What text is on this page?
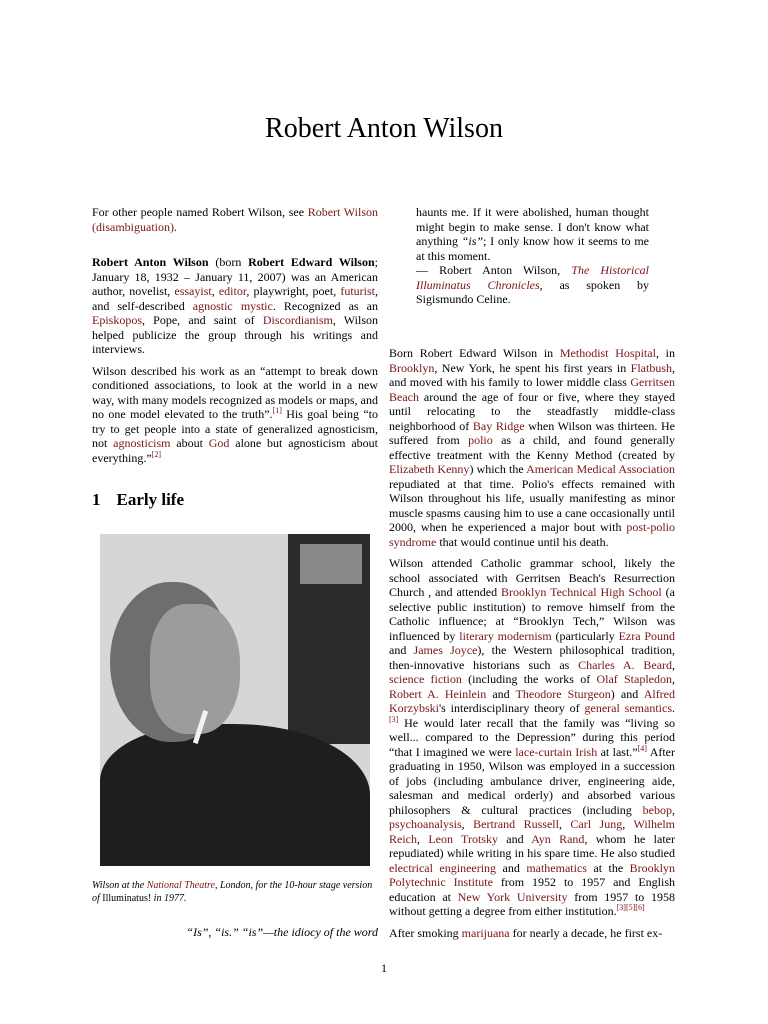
Robert Anton Wilson

For other people named Robert Wilson, see Robert Wilson (disambiguation).

Robert Anton Wilson (born Robert Edward Wilson; January 18, 1932 – January 11, 2007) was an American author, novelist, essayist, editor, playwright, poet, futurist, and self-described agnostic mystic. Recognized as an Episkopos, Pope, and saint of Discordianism, Wilson helped publicize the group through his writings and interviews.

Wilson described his work as an “attempt to break down conditioned associations, to look at the world in a new way, with many models recognized as models or maps, and no one model elevated to the truth”.[1] His goal being “to try to get people into a state of generalized agnosticism, not agnosticism about God alone but agnosticism about everything.”[2]

1 Early life
Wilson at the National Theatre, London, for the 10-hour stage version of Illuminatus! in 1977.
“Is”, “is.” “is”—the idiocy of the word
haunts me. If it were abolished, human thought might begin to make sense. I don't know what anything “is”; I only know how it seems to me at this moment.
— Robert Anton Wilson, The Historical Illuminatus Chronicles, as spoken by Sigismundo Celine.

Born Robert Edward Wilson in Methodist Hospital, in Brooklyn, New York, he spent his first years in Flatbush, and moved with his family to lower middle class Gerritsen Beach around the age of four or five, where they stayed until relocating to the steadfastly middle-class neighborhood of Bay Ridge when Wilson was thirteen. He suffered from polio as a child, and found generally effective treatment with the Kenny Method (created by Elizabeth Kenny) which the American Medical Association repudiated at that time. Polio's effects remained with Wilson throughout his life, usually manifesting as minor muscle spasms causing him to use a cane occasionally until 2000, when he experienced a major bout with post-polio syndrome that would continue until his death.

Wilson attended Catholic grammar school, likely the school associated with Gerritsen Beach's Resurrection Church , and attended Brooklyn Technical High School (a selective public institution) to remove himself from the Catholic influence; at “Brooklyn Tech,” Wilson was influenced by literary modernism (particularly Ezra Pound and James Joyce), the Western philosophical tradition, then-innovative historians such as Charles A. Beard, science fiction (including the works of Olaf Stapledon, Robert A. Heinlein and Theodore Sturgeon) and Alfred Korzybski's interdisciplinary theory of general semantics.[3] He would later recall that the family was “living so well... compared to the Depression” during this period “that I imagined we were lace-curtain Irish at last.”[4] After graduating in 1950, Wilson was employed in a succession of jobs (including ambulance driver, engineering aide, salesman and medical orderly) and absorbed various philosophers & cultural practices (including bebop, psychoanalysis, Bertrand Russell, Carl Jung, Wilhelm Reich, Leon Trotsky and Ayn Rand, whom he later repudiated) while writing in his spare time. He also studied electrical engineering and mathematics at the Brooklyn Polytechnic Institute from 1952 to 1957 and English education at New York University from 1957 to 1958 without getting a degree from either institution.[3][5][6]

After smoking marijuana for nearly a decade, he first ex-

1
